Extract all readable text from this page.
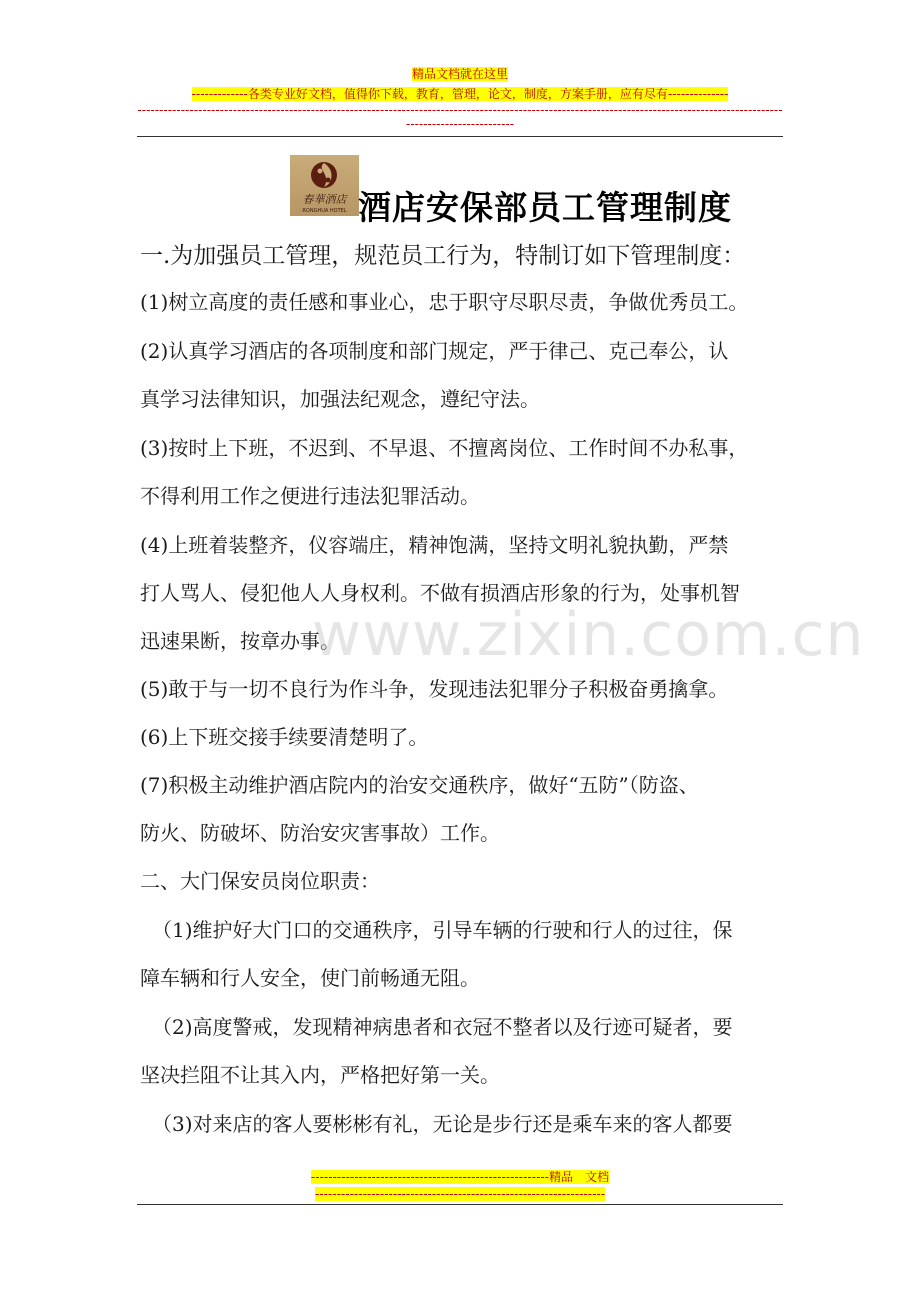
精品文档就在这里
-------------各类专业好文档，值得你下载，教育，管理，论文，制度，方案手册，应有尽有--------------
------------------------------------------------------------------------------------------------------------------------------------------------------------------------------
春華酒店
RONGHUA HOTEL 酒店安保部员工管理制度
一.为加强员工管理，规范员工行为，特制订如下管理制度：
(1)树立高度的责任感和事业心，忠于职守尽职尽责，争做优秀员工。
(2)认真学习酒店的各项制度和部门规定，严于律己、克己奉公，认
真学习法律知识，加强法纪观念，遵纪守法。
(3)按时上下班，不迟到、不早退、不擅离岗位、工作时间不办私事，
不得利用工作之便进行违法犯罪活动。
(4)上班着装整齐，仪容端庄，精神饱满，坚持文明礼貌执勤，严禁
打人骂人、侵犯他人人身权利。不做有损酒店形象的行为，处事机智
迅速果断，按章办事。
(5)敢于与一切不良行为作斗争，发现违法犯罪分子积极奋勇擒拿。
(6)上下班交接手续要清楚明了。
(7)积极主动维护酒店院内的治安交通秩序，做好“五防”（防盗、
防火、防破坏、防治安灾害事故）工作。
二、大门保安员岗位职责：
（1)维护好大门口的交通秩序，引导车辆的行驶和行人的过往，保
障车辆和行人安全，使门前畅通无阻。
（2)高度警戒，发现精神病患者和衣冠不整者以及行迹可疑者，要
坚决拦阻不让其入内，严格把好第一关。
（3)对来店的客人要彬彬有礼，无论是步行还是乘车来的客人都要
www.zixin.com.cn
-------------------------------------------------------精品　文档
-------------------------------------------------------------------
